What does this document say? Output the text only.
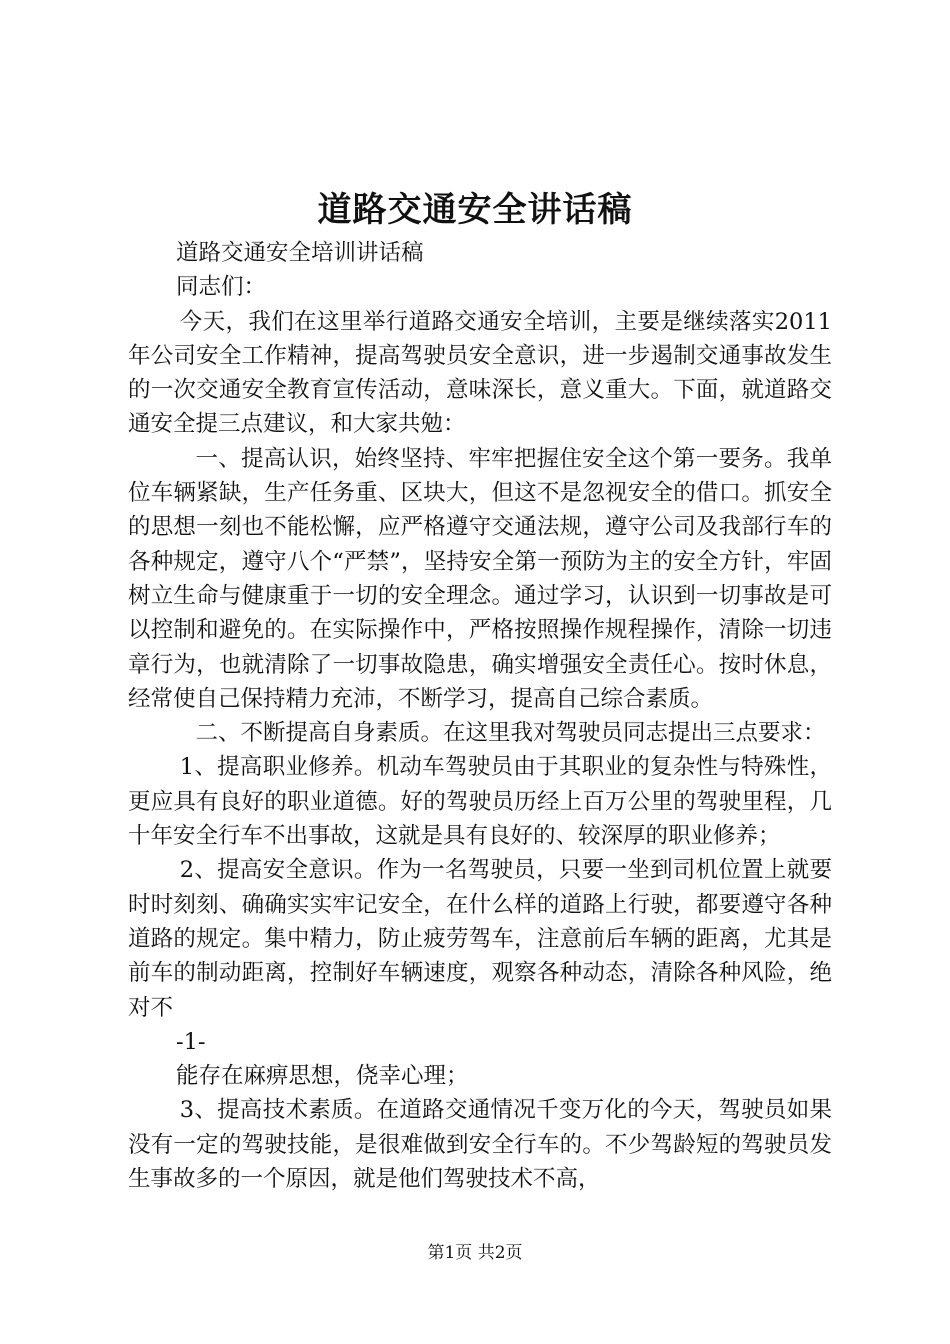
道路交通安全讲话稿

道路交通安全培训讲话稿

同志们：

今天，我们在这里举行道路交通安全培训，主要是继续落实2011年公司安全工作精神，提高驾驶员安全意识，进一步遏制交通事故发生的一次交通安全教育宣传活动，意味深长，意义重大。下面，就道路交通安全提三点建议，和大家共勉：

一、提高认识，始终坚持、牢牢把握住安全这个第一要务。我单位车辆紧缺，生产任务重、区块大，但这不是忽视安全的借口。抓安全的思想一刻也不能松懈，应严格遵守交通法规，遵守公司及我部行车的各种规定，遵守八个“严禁”，坚持安全第一预防为主的安全方针，牢固树立生命与健康重于一切的安全理念。通过学习，认识到一切事故是可以控制和避免的。在实际操作中，严格按照操作规程操作，清除一切违章行为，也就清除了一切事故隐患，确实增强安全责任心。按时休息，经常使自己保持精力充沛，不断学习，提高自己综合素质。

二、不断提高自身素质。在这里我对驾驶员同志提出三点要求：

1、提高职业修养。机动车驾驶员由于其职业的复杂性与特殊性，更应具有良好的职业道德。好的驾驶员历经上百万公里的驾驶里程，几十年安全行车不出事故，这就是具有良好的、较深厚的职业修养；

2、提高安全意识。作为一名驾驶员，只要一坐到司机位置上就要时时刻刻、确确实实牢记安全，在什么样的道路上行驶，都要遵守各种道路的规定。集中精力，防止疲劳驾车，注意前后车辆的距离，尤其是前车的制动距离，控制好车辆速度，观察各种动态，清除各种风险，绝对不

-1-

能存在麻痹思想，侥幸心理；

3、提高技术素质。在道路交通情况千变万化的今天，驾驶员如果没有一定的驾驶技能，是很难做到安全行车的。不少驾龄短的驾驶员发生事故多的一个原因，就是他们驾驶技术不高，

第1页 共2页
